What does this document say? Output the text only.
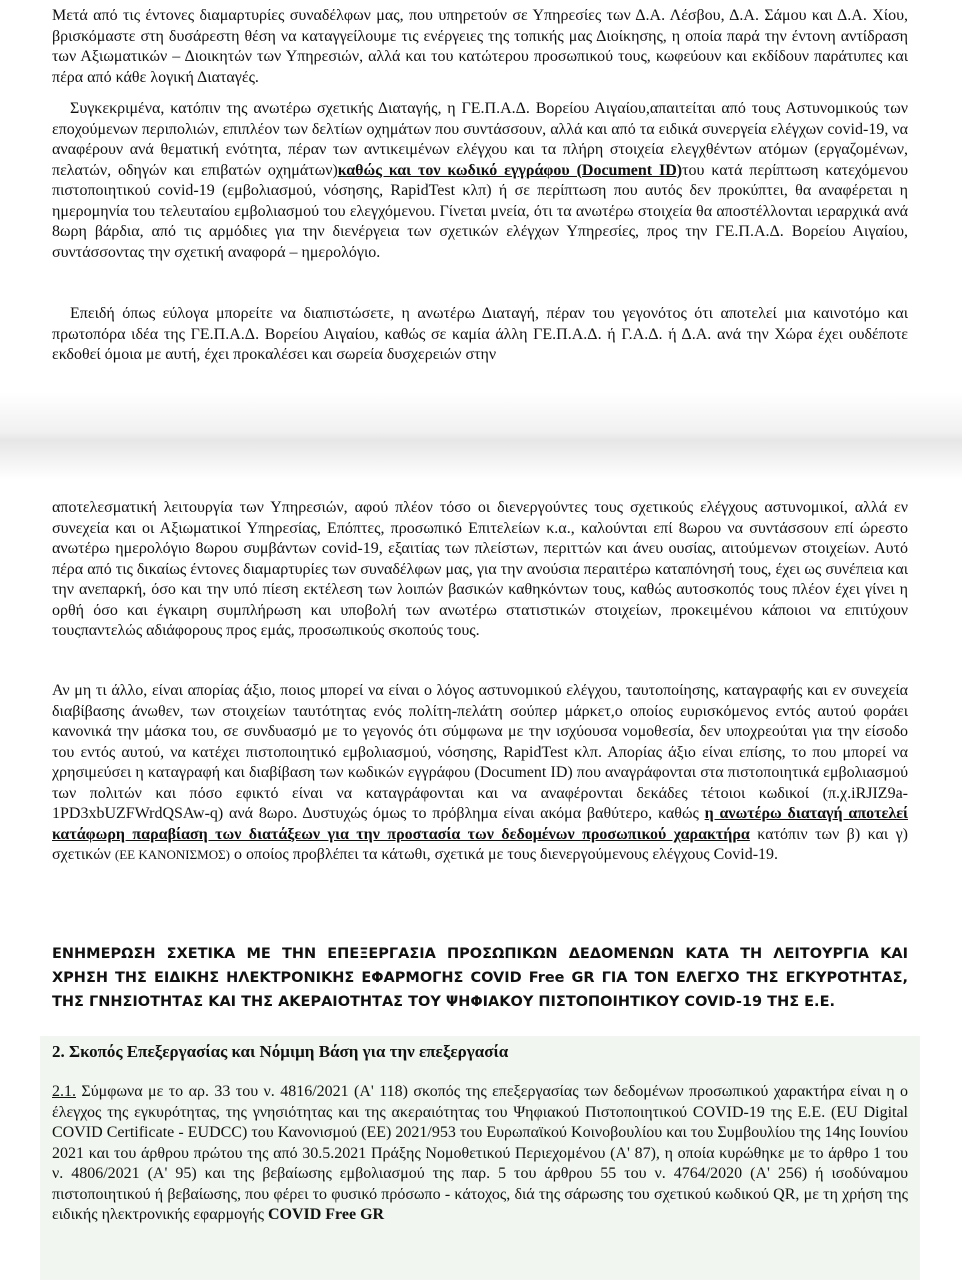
Μετά από τις έντονες διαμαρτυρίες συναδέλφων μας, που υπηρετούν σε Υπηρεσίες των Δ.Α. Λέσβου, Δ.Α. Σάμου και Δ.Α. Χίου, βρισκόμαστε στη δυσάρεστη θέση να καταγγείλουμε τις ενέργειες της τοπικής μας Διοίκησης, η οποία παρά την έντονη αντίδραση των Αξιωματικών – Διοικητών των Υπηρεσιών, αλλά και του κατώτερου προσωπικού τους, κωφεύουν και εκδίδουν παράτυπες και πέρα από κάθε λογική Διαταγές.

Συγκεκριμένα, κατόπιν της ανωτέρω σχετικής Διαταγής, η ΓΕ.Π.Α.Δ. Βορείου Αιγαίου,απαιτείται από τους Αστυνομικούς των εποχούμενων περιπολιών, επιπλέον των δελτίων οχημάτων που συντάσσουν, αλλά και από τα ειδικά συνεργεία ελέγχων covid-19, να αναφέρουν ανά θεματική ενότητα, πέραν των αντικειμένων ελέγχου και τα πλήρη στοιχεία ελεγχθέντων ατόμων (εργαζομένων, πελατών, οδηγών και επιβατών οχημάτων)καθώς και τον κωδικό εγγράφου (Document ID)του κατά περίπτωση κατεχόμενου πιστοποιητικού covid-19 (εμβολιασμού, νόσησης, RapidTest κλπ) ή σε περίπτωση που αυτός δεν προκύπτει, θα αναφέρεται η ημερομηνία του τελευταίου εμβολιασμού του ελεγχόμενου. Γίνεται μνεία, ότι τα ανωτέρω στοιχεία θα αποστέλλονται ιεραρχικά ανά 8ωρη βάρδια, από τις αρμόδιες για την διενέργεια των σχετικών ελέγχων Υπηρεσίες, προς την ΓΕ.Π.Α.Δ. Βορείου Αιγαίου, συντάσσοντας την σχετική αναφορά – ημερολόγιο.

Επειδή όπως εύλογα μπορείτε να διαπιστώσετε, η ανωτέρω Διαταγή, πέραν του γεγονότος ότι αποτελεί μια καινοτόμο και πρωτοπόρα ιδέα της ΓΕ.Π.Α.Δ. Βορείου Αιγαίου, καθώς σε καμία άλλη ΓΕ.Π.Α.Δ. ή Γ.Α.Δ. ή Δ.Α. ανά την Χώρα έχει ουδέποτε εκδοθεί όμοια με αυτή, έχει προκαλέσει και σωρεία δυσχερειών στην

αποτελεσματική λειτουργία των Υπηρεσιών, αφού πλέον τόσο οι διενεργούντες τους σχετικούς ελέγχους αστυνομικοί, αλλά εν συνεχεία και οι Αξιωματικοί Υπηρεσίας, Επόπτες, προσωπικό Επιτελείων κ.α., καλούνται επί 8ωρου να συντάσσουν επί ώρεστο ανωτέρω ημερολόγιο 8ωρου συμβάντων covid-19, εξαιτίας των πλείστων, περιττών και άνευ ουσίας, αιτούμενων στοιχείων. Αυτό πέρα από τις δικαίως έντονες διαμαρτυρίες των συναδέλφων μας, για την ανούσια περαιτέρω καταπόνησή τους, έχει ως συνέπεια και την ανεπαρκή, όσο και την υπό πίεση εκτέλεση των λοιπών βασικών καθηκόντων τους, καθώς αυτοσκοπός τους πλέον έχει γίνει η ορθή όσο και έγκαιρη συμπλήρωση και υποβολή των ανωτέρω στατιστικών στοιχείων, προκειμένου κάποιοι να επιτύχουν τουςπαντελώς αδιάφορους προς εμάς, προσωπικούς σκοπούς τους.

Αν μη τι άλλο, είναι απορίας άξιο, ποιος μπορεί να είναι ο λόγος αστυνομικού ελέγχου, ταυτοποίησης, καταγραφής και εν συνεχεία διαβίβασης άνωθεν, των στοιχείων ταυτότητας ενός πολίτη-πελάτη σούπερ μάρκετ,ο οποίος ευρισκόμενος εντός αυτού φοράει κανονικά την μάσκα του, σε συνδυασμό με το γεγονός ότι σύμφωνα με την ισχύουσα νομοθεσία, δεν υποχρεούται για την είσοδο του εντός αυτού, να κατέχει πιστοποιητικό εμβολιασμού, νόσησης, RapidTest κλπ. Απορίας άξιο είναι επίσης, το που μπορεί να χρησιμεύσει η καταγραφή και διαβίβαση των κωδικών εγγράφου (Document ID) που αναγράφονται στα πιστοποιητικά εμβολιασμού των πολιτών και πόσο εφικτό είναι να καταγράφονται και να αναφέρονται δεκάδες τέτοιοι κωδικοί (π.χ.iRJIZ9a-1PD3xbUZFWrdQSAw-q) ανά 8ωρο. Δυστυχώς όμως το πρόβλημα είναι ακόμα βαθύτερο, καθώς η ανωτέρω διαταγή αποτελεί κατάφωρη παραβίαση των διατάξεων για την προστασία των δεδομένων προσωπικού χαρακτήρα κατόπιν των β) και γ) σχετικών (ΕΕ ΚΑΝΟΝΙΣΜΟΣ) ο οποίος προβλέπει τα κάτωθι, σχετικά με τους διενεργούμενους ελέγχους Covid-19.

ΕΝΗΜΕΡΩΣΗ ΣΧΕΤΙΚΑ ΜΕ ΤΗΝ ΕΠΕΞΕΡΓΑΣΙΑ ΠΡΟΣΩΠΙΚΩΝ ΔΕΔΟΜΕΝΩΝ ΚΑΤΑ ΤΗ ΛΕΙΤΟΥΡΓΙΑ ΚΑΙ ΧΡΗΣΗ ΤΗΣ ΕΙΔΙΚΗΣ ΗΛΕΚΤΡΟΝΙΚΗΣ ΕΦΑΡΜΟΓΗΣ COVID Free GR ΓΙΑ ΤΟΝ ΕΛΕΓΧΟ ΤΗΣ ΕΓΚΥΡΟΤΗΤΑΣ, ΤΗΣ ΓΝΗΣΙΟΤΗΤΑΣ ΚΑΙ ΤΗΣ ΑΚΕΡΑΙΟΤΗΤΑΣ ΤΟΥ ΨΗΦΙΑΚΟΥ ΠΙΣΤΟΠΟΙΗΤΙΚΟΥ COVID-19 ΤΗΣ Ε.Ε.

2. Σκοπός Επεξεργασίας και Νόμιμη Βάση για την επεξεργασία

2.1. Σύμφωνα με το αρ. 33 του ν. 4816/2021 (Α' 118) σκοπός της επεξεργασίας των δεδομένων προσωπικού χαρακτήρα είναι η ο έλεγχος της εγκυρότητας, της γνησιότητας και της ακεραιότητας του Ψηφιακού Πιστοποιητικού COVID-19 της Ε.Ε. (EU Digital COVID Certificate - EUDCC) του Κανονισμού (ΕΕ) 2021/953 του Ευρωπαϊκού Κοινοβουλίου και του Συμβουλίου της 14ης Ιουνίου 2021 και του άρθρου πρώτου της από 30.5.2021 Πράξης Νομοθετικού Περιεχομένου (Α' 87), η οποία κυρώθηκε με το άρθρο 1 του ν. 4806/2021 (Α' 95) και της βεβαίωσης εμβολιασμού της παρ. 5 του άρθρου 55 του ν. 4764/2020 (Α' 256) ή ισοδύναμου πιστοποιητικού ή βεβαίωσης, που φέρει το φυσικό πρόσωπο - κάτοχος, διά της σάρωσης του σχετικού κωδικού QR, με τη χρήση της ειδικής ηλεκτρονικής εφαρμογής COVID Free GR
